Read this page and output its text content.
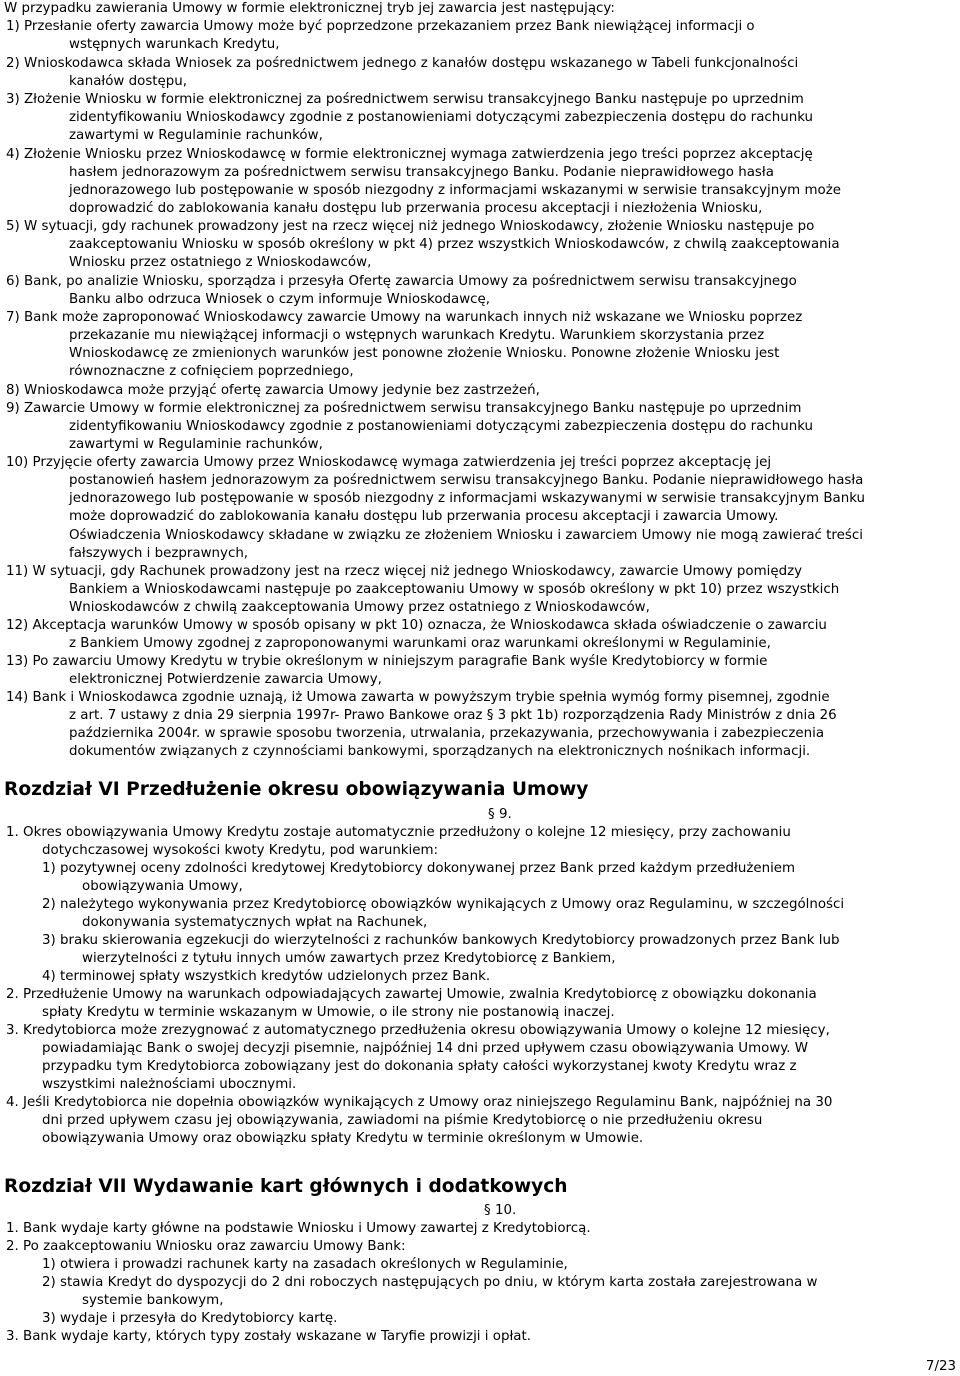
W przypadku zawierania Umowy w formie elektronicznej tryb jej zawarcia jest następujący:
1) Przesłanie oferty zawarcia Umowy może być poprzedzone przekazaniem przez Bank niewiążącej informacji o
wstępnych warunkach Kredytu,
2) Wnioskodawca składa Wniosek za pośrednictwem jednego z kanałów dostępu wskazanego w Tabeli funkcjonalności
kanałów dostępu,
3) Złożenie Wniosku w formie elektronicznej za pośrednictwem serwisu transakcyjnego Banku następuje po uprzednim
zidentyfikowaniu Wnioskodawcy zgodnie z postanowieniami dotyczącymi zabezpieczenia dostępu do rachunku
zawartymi w Regulaminie rachunków,
4) Złożenie Wniosku przez Wnioskodawcę w formie elektronicznej wymaga zatwierdzenia jego treści poprzez akceptację
hasłem jednorazowym za pośrednictwem serwisu transakcyjnego Banku. Podanie nieprawidłowego hasła
jednorazowego lub postępowanie w sposób niezgodny z informacjami wskazanymi w serwisie transakcyjnym może
doprowadzić do zablokowania kanału dostępu lub przerwania procesu akceptacji i niezłożenia Wniosku,
5) W sytuacji, gdy rachunek prowadzony jest na rzecz więcej niż jednego Wnioskodawcy, złożenie Wniosku następuje po
zaakceptowaniu Wniosku w sposób określony w pkt 4) przez wszystkich Wnioskodawców, z chwilą zaakceptowania
Wniosku przez ostatniego z Wnioskodawców,
6) Bank, po analizie Wniosku, sporządza i przesyła Ofertę zawarcia Umowy za pośrednictwem serwisu transakcyjnego
Banku albo odrzuca Wniosek o czym informuje Wnioskodawcę,
7) Bank może zaproponować Wnioskodawcy zawarcie Umowy na warunkach innych niż wskazane we Wniosku poprzez
przekazanie mu niewiążącej informacji o wstępnych warunkach Kredytu. Warunkiem skorzystania przez
Wnioskodawcę ze zmienionych warunków jest ponowne złożenie Wniosku. Ponowne złożenie Wniosku jest
równoznaczne z cofnięciem poprzedniego,
8) Wnioskodawca może przyjąć ofertę zawarcia Umowy jedynie bez zastrzeżeń,
9) Zawarcie Umowy w formie elektronicznej za pośrednictwem serwisu transakcyjnego Banku następuje po uprzednim
zidentyfikowaniu Wnioskodawcy zgodnie z postanowieniami dotyczącymi zabezpieczenia dostępu do rachunku
zawartymi w Regulaminie rachunków,
10) Przyjęcie oferty zawarcia Umowy przez Wnioskodawcę wymaga zatwierdzenia jej treści poprzez akceptację jej
postanowień hasłem jednorazowym za pośrednictwem serwisu transakcyjnego Banku. Podanie nieprawidłowego hasła
jednorazowego lub postępowanie w sposób niezgodny z informacjami wskazywanymi w serwisie transakcyjnym Banku
może doprowadzić do zablokowania kanału dostępu lub przerwania procesu akceptacji i zawarcia Umowy.
Oświadczenia Wnioskodawcy składane w związku ze złożeniem Wniosku i zawarciem Umowy nie mogą zawierać treści
fałszywych i bezprawnych,
11) W sytuacji, gdy Rachunek prowadzony jest na rzecz więcej niż jednego Wnioskodawcy, zawarcie Umowy pomiędzy
Bankiem a Wnioskodawcami następuje po zaakceptowaniu Umowy w sposób określony w pkt 10) przez wszystkich
Wnioskodawców z chwilą zaakceptowania Umowy przez ostatniego z Wnioskodawców,
12) Akceptacja warunków Umowy w sposób opisany w pkt 10) oznacza, że Wnioskodawca składa oświadczenie o zawarciu
z Bankiem Umowy zgodnej z zaproponowanymi warunkami oraz warunkami określonymi w Regulaminie,
13) Po zawarciu Umowy Kredytu w trybie określonym w niniejszym paragrafie Bank wyśle Kredytobiorcy w formie
elektronicznej Potwierdzenie zawarcia Umowy,
14) Bank i Wnioskodawca zgodnie uznają, iż Umowa zawarta w powyższym trybie spełnia wymóg formy pisemnej, zgodnie
z art. 7 ustawy z dnia 29 sierpnia 1997r- Prawo Bankowe oraz § 3 pkt 1b) rozporządzenia Rady Ministrów z dnia 26
października 2004r. w sprawie sposobu tworzenia, utrwalania, przekazywania, przechowywania i zabezpieczenia
dokumentów związanych z czynnościami bankowymi, sporządzanych na elektronicznych nośnikach informacji.
Rozdział VI Przedłużenie okresu obowiązywania Umowy
§ 9.
1. Okres obowiązywania Umowy Kredytu zostaje automatycznie przedłużony o kolejne 12 miesięcy, przy zachowaniu
dotychczasowej wysokości kwoty Kredytu, pod warunkiem:
1) pozytywnej oceny zdolności kredytowej Kredytobiorcy dokonywanej przez Bank przed każdym przedłużeniem
obowiązywania Umowy,
2) należytego wykonywania przez Kredytobiorcę obowiązków wynikających z Umowy oraz Regulaminu, w szczególności
dokonywania systematycznych wpłat na Rachunek,
3) braku skierowania egzekucji do wierzytelności z rachunków bankowych Kredytobiorcy prowadzonych przez Bank lub
wierzytelności z tytułu innych umów zawartych przez Kredytobiorcę z Bankiem,
4) terminowej spłaty wszystkich kredytów udzielonych przez Bank.
2. Przedłużenie Umowy na warunkach odpowiadających zawartej Umowie, zwalnia Kredytobiorcę z obowiązku dokonania
spłaty Kredytu w terminie wskazanym w Umowie, o ile strony nie postanowią inaczej.
3. Kredytobiorca może zrezygnować z automatycznego przedłużenia okresu obowiązywania Umowy o kolejne 12 miesięcy,
powiadamiając Bank o swojej decyzji pisemnie, najpóźniej 14 dni przed upływem czasu obowiązywania Umowy. W
przypadku tym Kredytobiorca zobowiązany jest do dokonania spłaty całości wykorzystanej kwoty Kredytu wraz z
wszystkimi należnościami ubocznymi.
4. Jeśli Kredytobiorca nie dopełnia obowiązków wynikających z Umowy oraz niniejszego Regulaminu Bank, najpóźniej na 30
dni przed upływem czasu jej obowiązywania, zawiadomi na piśmie Kredytobiorcę o nie przedłużeniu okresu
obowiązywania Umowy oraz obowiązku spłaty Kredytu w terminie określonym w Umowie.
Rozdział VII Wydawanie kart głównych i dodatkowych
§ 10.
1. Bank wydaje karty główne na podstawie Wniosku i Umowy zawartej z Kredytobiorcą.
2. Po zaakceptowaniu Wniosku oraz zawarciu Umowy Bank:
1) otwiera i prowadzi rachunek karty na zasadach określonych w Regulaminie,
2) stawia Kredyt do dyspozycji do 2 dni roboczych następujących po dniu, w którym karta została zarejestrowana w
systemie bankowym,
3) wydaje i przesyła do Kredytobiorcy kartę.
3. Bank wydaje karty, których typy zostały wskazane w Taryfie prowizji i opłat.
7/23
